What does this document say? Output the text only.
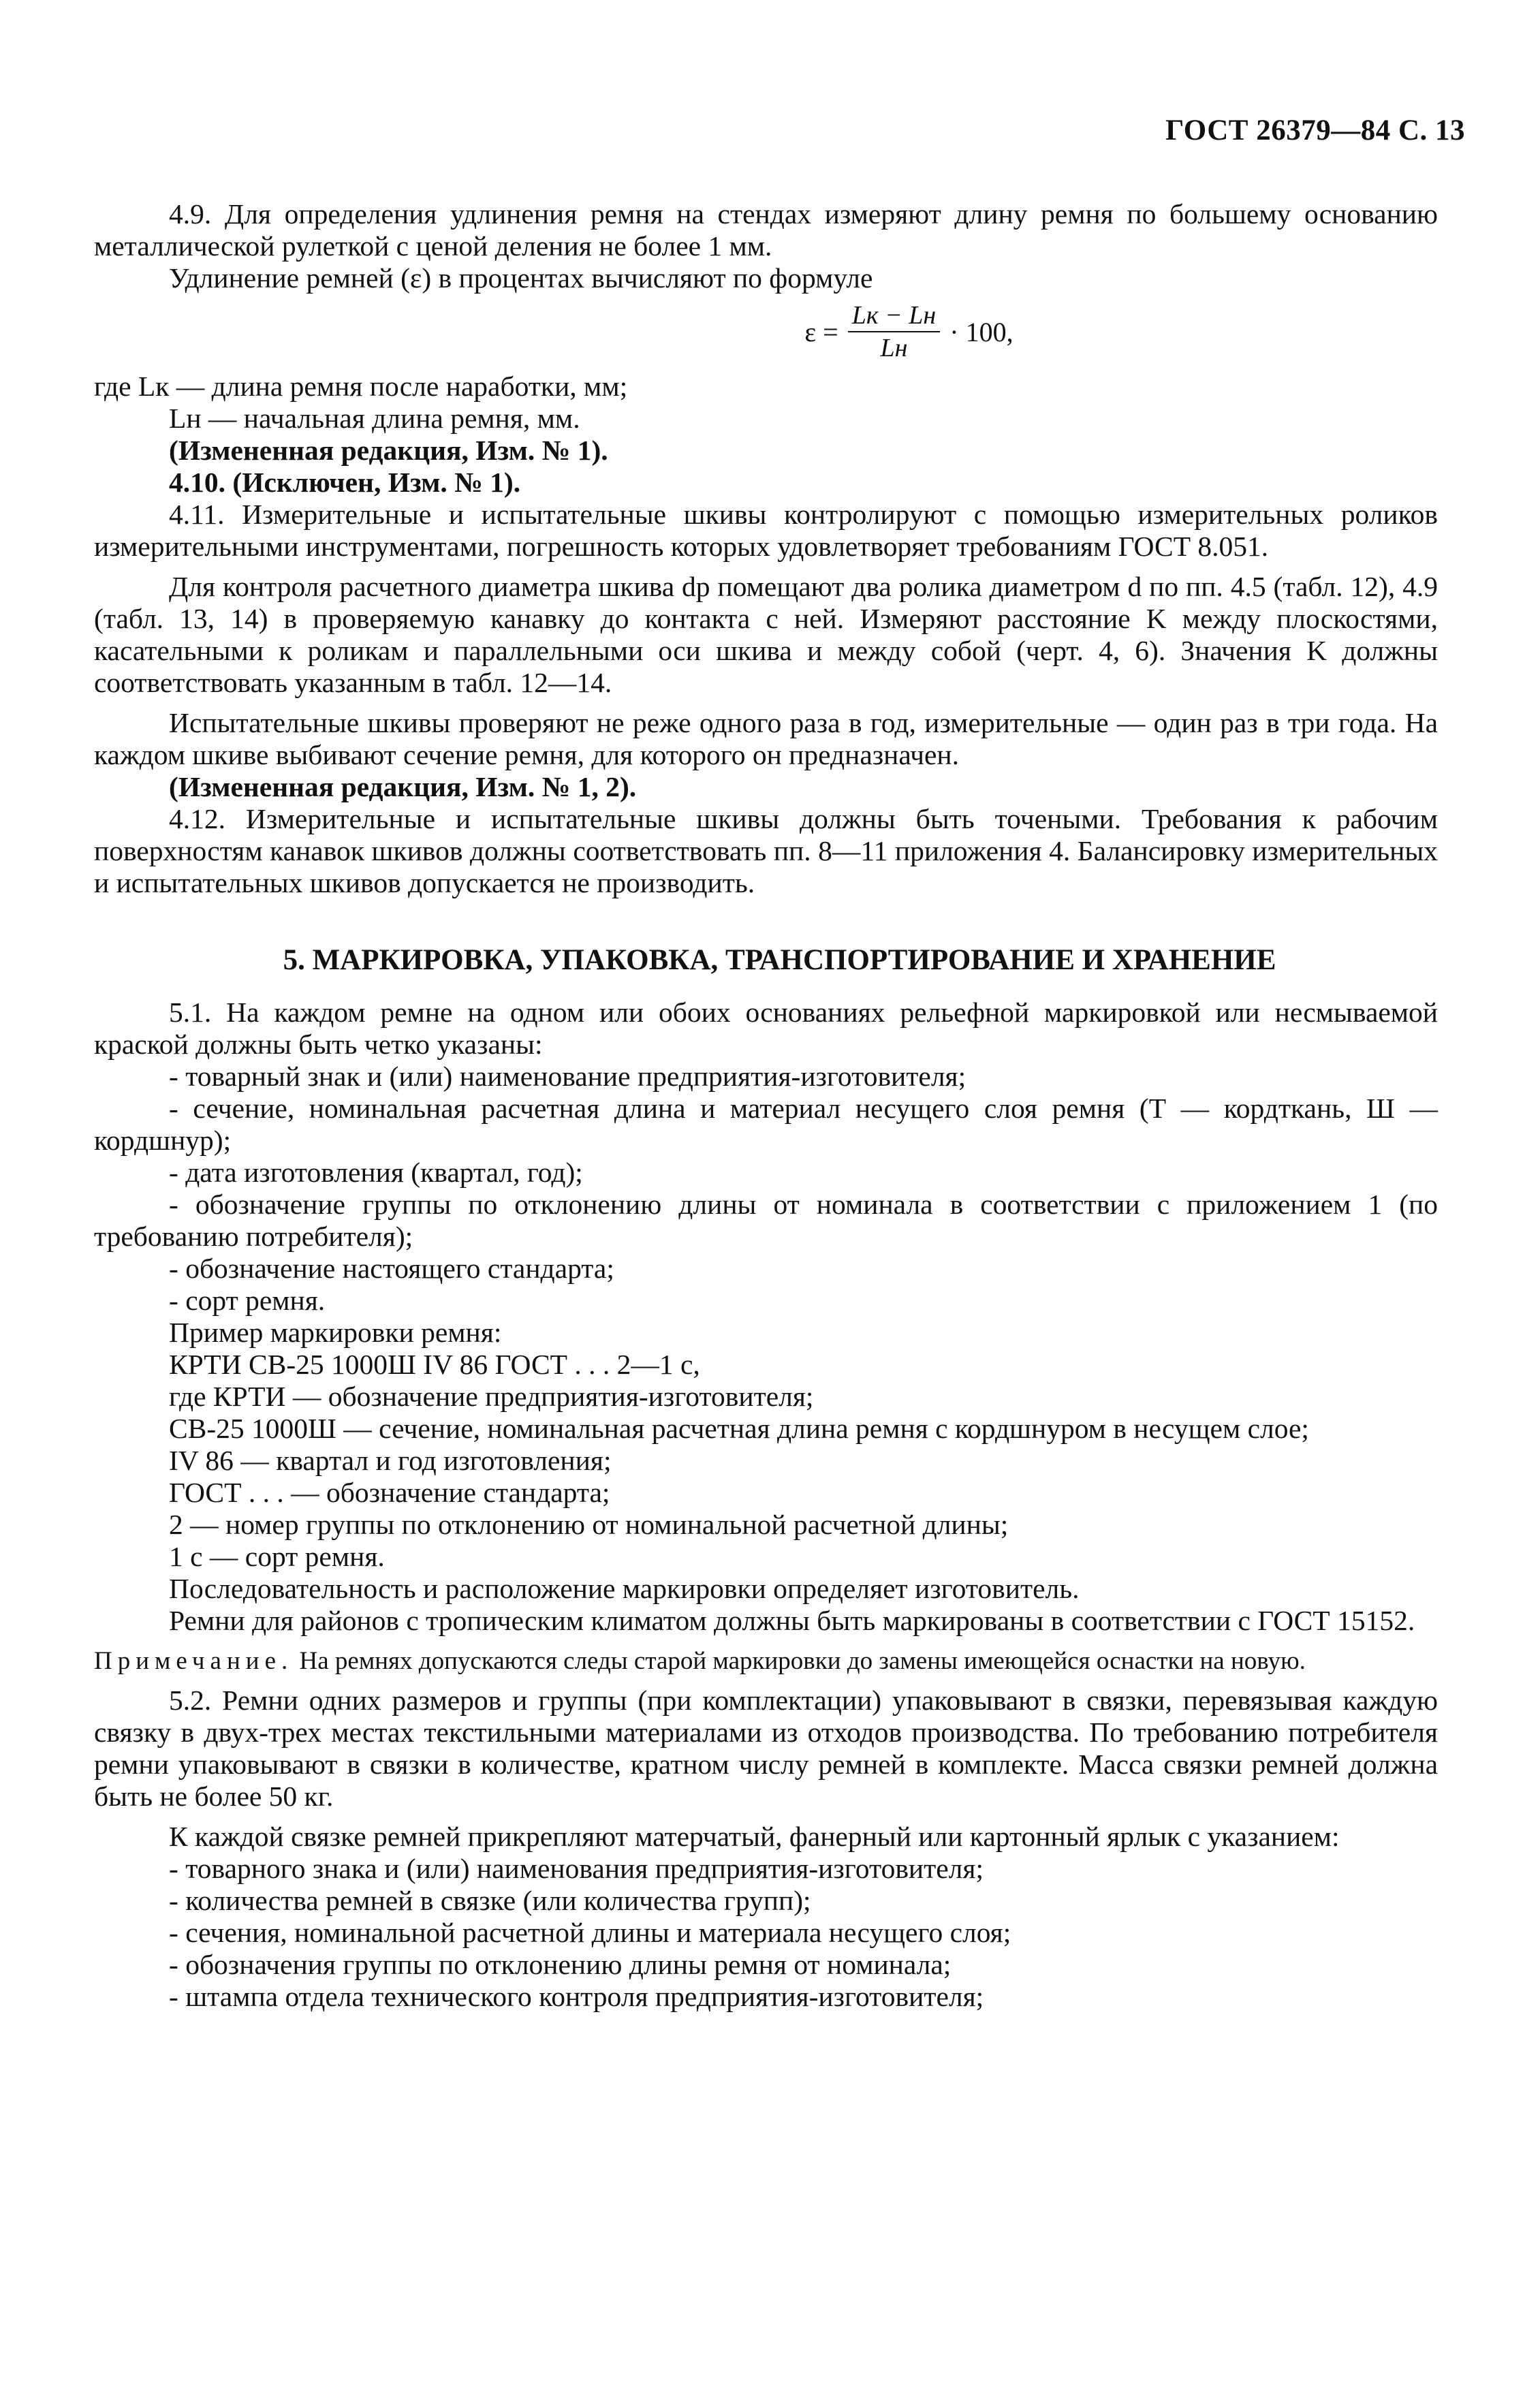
ГОСТ 26379—84 С. 13

4.9. Для определения удлинения ремня на стендах измеряют длину ремня по большему основанию металлической рулеткой с ценой деления не более 1 мм.

Удлинение ремней (ε) в процентах вычисляют по формуле

$\varepsilon = \frac{Lк - Lн}{Lн} \cdot 100$,

где Lк — длина ремня после наработки, мм;

Lн — начальная длина ремня, мм.

(Измененная редакция, Изм. № 1).

4.10. (Исключен, Изм. № 1).

4.11. Измерительные и испытательные шкивы контролируют с помощью измерительных роликов измерительными инструментами, погрешность которых удовлетворяет требованиям ГОСТ 8.051.

Для контроля расчетного диаметра шкива dр помещают два ролика диаметром d по пп. 4.5 (табл. 12), 4.9 (табл. 13, 14) в проверяемую канавку до контакта с ней. Измеряют расстояние K между плоскостями, касательными к роликам и параллельными оси шкива и между собой (черт. 4, 6). Значения K должны соответствовать указанным в табл. 12—14.

Испытательные шкивы проверяют не реже одного раза в год, измерительные — один раз в три года. На каждом шкиве выбивают сечение ремня, для которого он предназначен.

(Измененная редакция, Изм. № 1, 2).

4.12. Измерительные и испытательные шкивы должны быть точеными. Требования к рабочим поверхностям канавок шкивов должны соответствовать пп. 8—11 приложения 4. Балансировку измерительных и испытательных шкивов допускается не производить.

5. МАРКИРОВКА, УПАКОВКА, ТРАНСПОРТИРОВАНИЕ И ХРАНЕНИЕ

5.1. На каждом ремне на одном или обоих основаниях рельефной маркировкой или несмываемой краской должны быть четко указаны:

- товарный знак и (или) наименование предприятия-изготовителя;

- сечение, номинальная расчетная длина и материал несущего слоя ремня (Т — кордткань, Ш — кордшнур);

- дата изготовления (квартал, год);

- обозначение группы по отклонению длины от номинала в соответствии с приложением 1 (по требованию потребителя);

- обозначение настоящего стандарта;

- сорт ремня.

Пример маркировки ремня:

КРТИ СВ-25 1000Ш IV 86 ГОСТ . . . 2—1 с,

где КРТИ — обозначение предприятия-изготовителя;

СВ-25 1000Ш — сечение, номинальная расчетная длина ремня с кордшнуром в несущем слое;

IV 86 — квартал и год изготовления;

ГОСТ . . . — обозначение стандарта;

2 — номер группы по отклонению от номинальной расчетной длины;

1 с — сорт ремня.

Последовательность и расположение маркировки определяет изготовитель.

Ремни для районов с тропическим климатом должны быть маркированы в соответствии с ГОСТ 15152.

Примечание. На ремнях допускаются следы старой маркировки до замены имеющейся оснастки на новую.

5.2. Ремни одних размеров и группы (при комплектации) упаковывают в связки, перевязывая каждую связку в двух-трех местах текстильными материалами из отходов производства. По требованию потребителя ремни упаковывают в связки в количестве, кратном числу ремней в комплекте. Масса связки ремней должна быть не более 50 кг.

К каждой связке ремней прикрепляют матерчатый, фанерный или картонный ярлык с указанием:

- товарного знака и (или) наименования предприятия-изготовителя;

- количества ремней в связке (или количества групп);

- сечения, номинальной расчетной длины и материала несущего слоя;

- обозначения группы по отклонению длины ремня от номинала;

- штампа отдела технического контроля предприятия-изготовителя;
